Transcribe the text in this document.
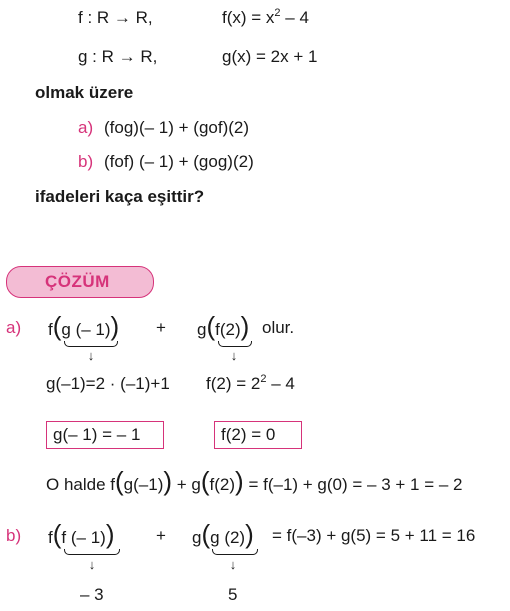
f : R → R,	$f(x) = x^2 - 4$
g : R → R,	g(x) = 2x + 1
olmak üzere
a) (fog)(– 1) + (gof)(2)
b) (fof) (– 1) + (gog)(2)
ifadeleri kaça eşittir?
ÇÖZÜM
a) f(g (– 1)) + g(f(2)) olur.
↓	↓
g(–1)=2 · (–1)+1 $f(2) = 2^2 - 4$
g(– 1) = – 1	f(2) = 0
O halde f(g(–1)) + g(f(2)) = f(–1) + g(0) = – 3 + 1 = – 2
b) f(f (– 1)) + g(g (2)) = f(–3) + g(5) = 5 + 11 = 16
↓	↓
– 3	5
